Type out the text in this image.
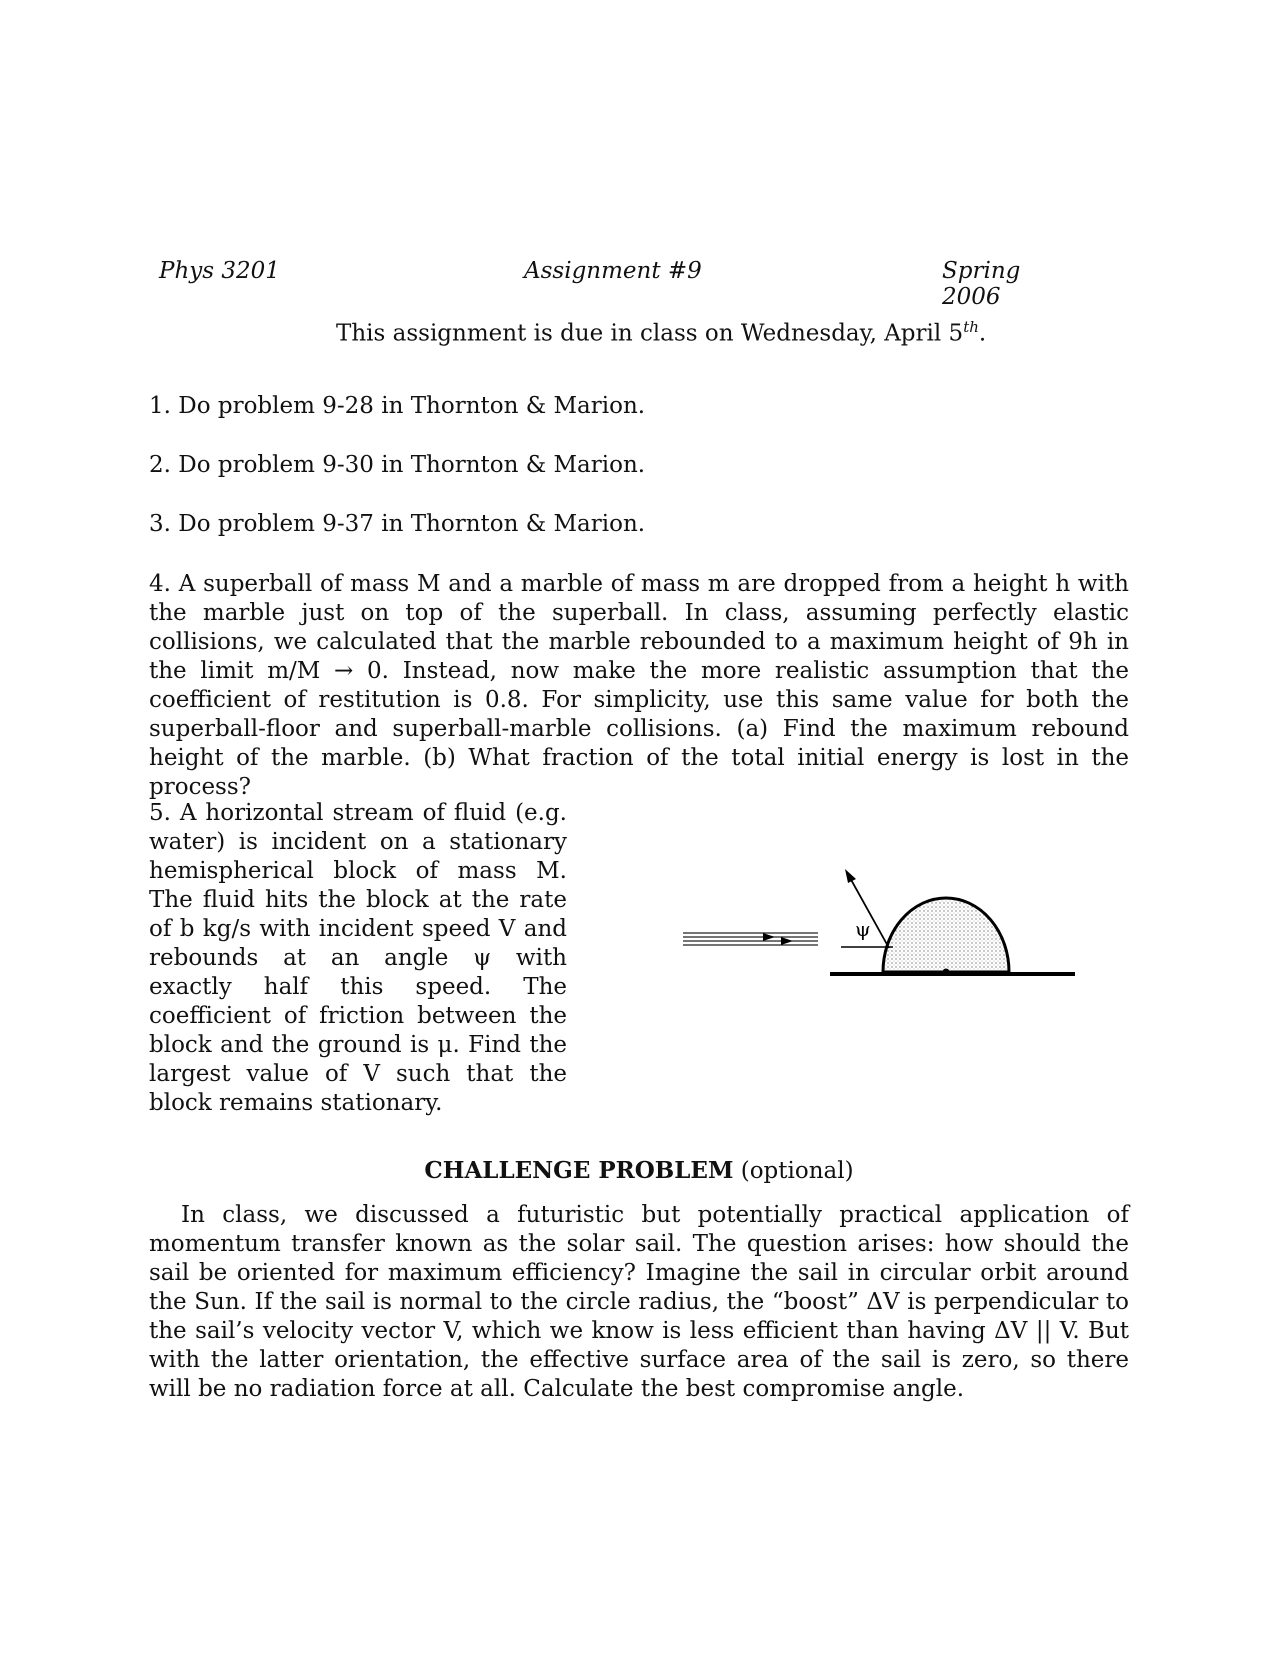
Phys 3201	Assignment #9	Spring 2006
This assignment is due in class on Wednesday, April 5th.
1. Do problem 9-28 in Thornton & Marion.
2. Do problem 9-30 in Thornton & Marion.
3. Do problem 9-37 in Thornton & Marion.
4. A superball of mass M and a marble of mass m are dropped from a height h with the marble just on top of the superball. In class, assuming perfectly elastic collisions, we calculated that the marble rebounded to a maximum height of 9h in the limit m/M → 0. Instead, now make the more realistic assumption that the coefficient of restitution is 0.8. For simplicity, use this same value for both the superball-floor and superball-marble collisions. (a) Find the maximum rebound height of the marble. (b) What fraction of the total initial energy is lost in the process?
5. A horizontal stream of fluid (e.g. water) is incident on a stationary hemispherical block of mass M. The fluid hits the block at the rate of b kg/s with incident speed V and rebounds at an angle ψ with exactly half this speed. The coefficient of friction between the block and the ground is μ. Find the largest value of V such that the block remains stationary.
CHALLENGE PROBLEM (optional)
In class, we discussed a futuristic but potentially practical application of momentum transfer known as the solar sail. The question arises: how should the sail be oriented for maximum efficiency? Imagine the sail in circular orbit around the Sun. If the sail is normal to the circle radius, the “boost” ΔV is perpendicular to the sail’s velocity vector V, which we know is less efficient than having ΔV || V. But with the latter orientation, the effective surface area of the sail is zero, so there will be no radiation force at all. Calculate the best compromise angle.
ψ
